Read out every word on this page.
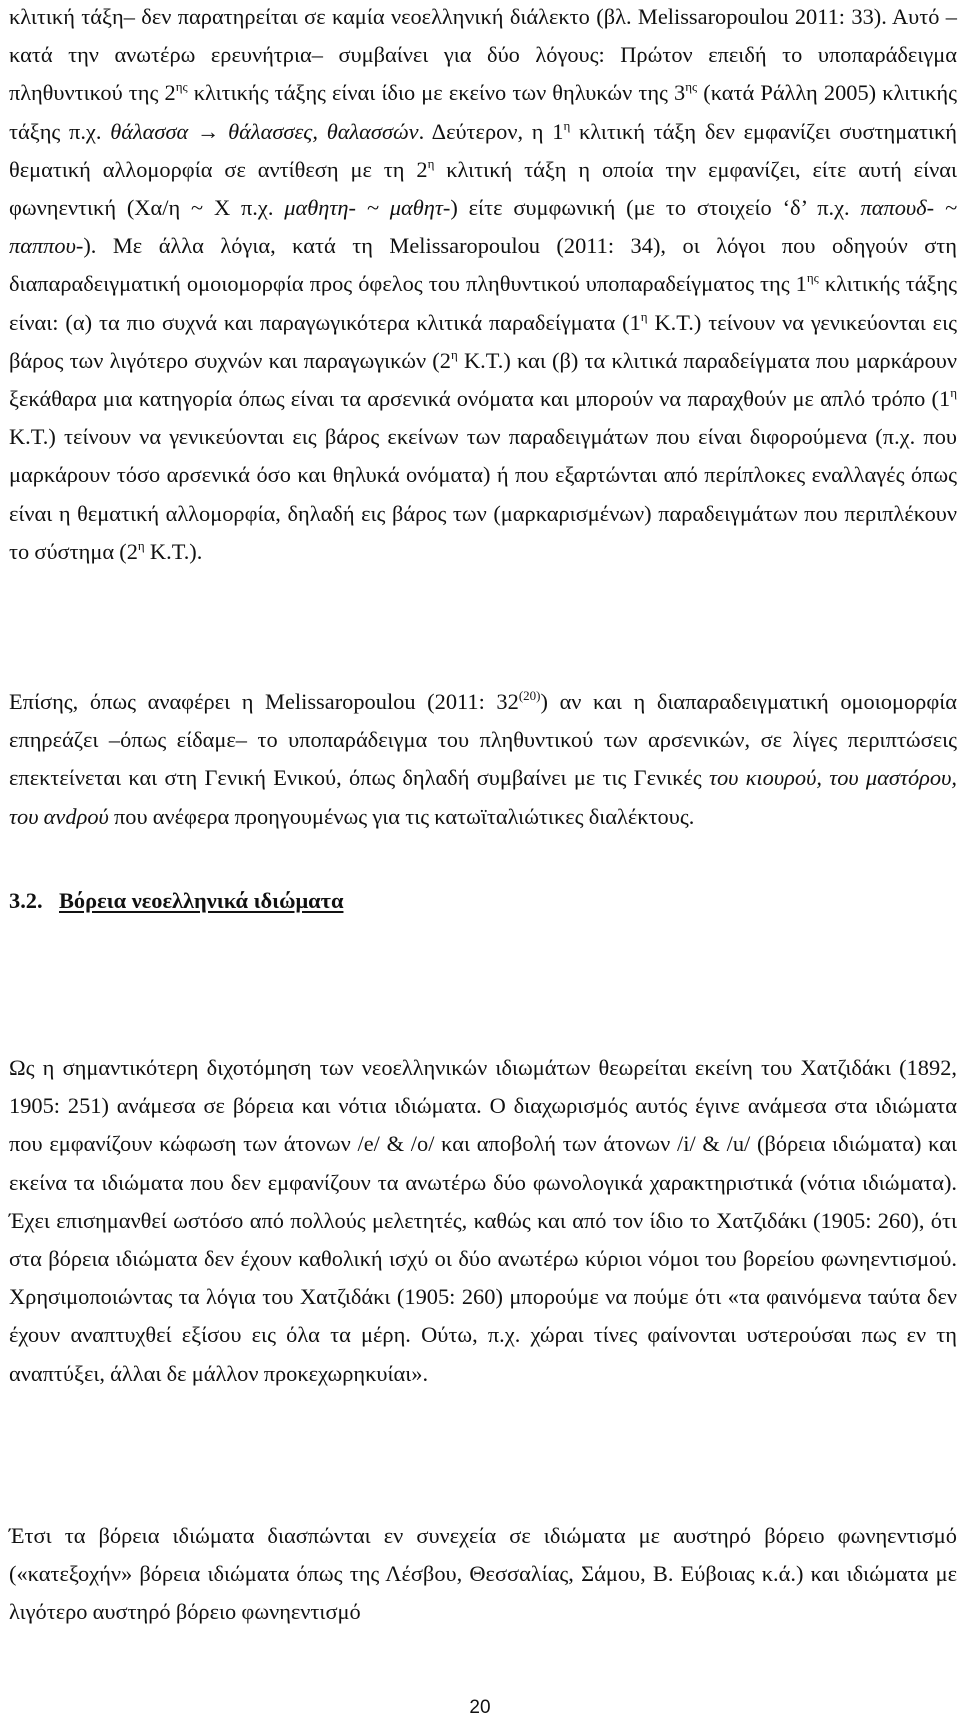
κλιτική τάξη– δεν παρατηρείται σε καμία νεοελληνική διάλεκτο (βλ. Melissaropoulou 2011: 33). Αυτό –κατά την ανωτέρω ερευνήτρια– συμβαίνει για δύο λόγους: Πρώτον επειδή το υποπαράδειγμα πληθυντικού της $2^{\eta\varsigma}$ κλιτικής τάξης είναι ίδιο με εκείνο των θηλυκών της $3^{\eta\varsigma}$ (κατά Ράλλη 2005) κλιτικής τάξης π.χ. θάλασσα → θάλασσες, θαλασσών. Δεύτερον, η $1^\eta$ κλιτική τάξη δεν εμφανίζει συστηματική θεματική αλλομορφία σε αντίθεση με τη $2^\eta$ κλιτική τάξη η οποία την εμφανίζει, είτε αυτή είναι φωνηεντική (Χα/η ~ Χ π.χ. μαθητη- ~ μαθητ-) είτε συμφωνική (με το στοιχείο ‘δ’ π.χ. παπουδ- ~ παππου-). Με άλλα λόγια, κατά τη Melissaropoulou (2011: 34), οι λόγοι που οδηγούν στη διαπαραδειγματική ομοιομορφία προς όφελος του πληθυντικού υποπαραδείγματος της $1^{\eta\varsigma}$ κλιτικής τάξης είναι: (α) τα πιο συχνά και παραγωγικότερα κλιτικά παραδείγματα ($1^\eta$ Κ.Τ.) τείνουν να γενικεύονται εις βάρος των λιγότερο συχνών και παραγωγικών ($2^\eta$ Κ.Τ.) και (β) τα κλιτικά παραδείγματα που μαρκάρουν ξεκάθαρα μια κατηγορία όπως είναι τα αρσενικά ονόματα και μπορούν να παραχθούν με απλό τρόπο ($1^\eta$ Κ.Τ.) τείνουν να γενικεύονται εις βάρος εκείνων των παραδειγμάτων που είναι διφορούμενα (π.χ. που μαρκάρουν τόσο αρσενικά όσο και θηλυκά ονόματα) ή που εξαρτώνται από περίπλοκες εναλλαγές όπως είναι η θεματική αλλομορφία, δηλαδή εις βάρος των (μαρκαρισμένων) παραδειγμάτων που περιπλέκουν το σύστημα ($2^\eta$ Κ.Τ.).

Επίσης, όπως αναφέρει η Melissaropoulou (2011: 32$^{(20)}$) αν και η διαπαραδειγματική ομοιομορφία επηρεάζει –όπως είδαμε– το υποπαράδειγμα του πληθυντικού των αρσενικών, σε λίγες περιπτώσεις επεκτείνεται και στη Γενική Ενικού, όπως δηλαδή συμβαίνει με τις Γενικές του κιουρού, του μαστόρου, του ανdρού που ανέφερα προηγουμένως για τις κατωϊταλιώτικες διαλέκτους.

3.2. Βόρεια νεοελληνικά ιδιώματα

Ως η σημαντικότερη διχοτόμηση των νεοελληνικών ιδιωμάτων θεωρείται εκείνη του Χατζιδάκι (1892, 1905: 251) ανάμεσα σε βόρεια και νότια ιδιώματα. Ο διαχωρισμός αυτός έγινε ανάμεσα στα ιδιώματα που εμφανίζουν κώφωση των άτονων /e/ & /o/ και αποβολή των άτονων /i/ & /u/ (βόρεια ιδιώματα) και εκείνα τα ιδιώματα που δεν εμφανίζουν τα ανωτέρω δύο φωνολογικά χαρακτηριστικά (νότια ιδιώματα). Έχει επισημανθεί ωστόσο από πολλούς μελετητές, καθώς και από τον ίδιο το Χατζιδάκι (1905: 260), ότι στα βόρεια ιδιώματα δεν έχουν καθολική ισχύ οι δύο ανωτέρω κύριοι νόμοι του βορείου φωνηεντισμού. Χρησιμοποιώντας τα λόγια του Χατζιδάκι (1905: 260) μπορούμε να πούμε ότι «τα φαινόμενα ταύτα δεν έχουν αναπτυχθεί εξίσου εις όλα τα μέρη. Ούτω, π.χ. χώραι τίνες φαίνονται υστερούσαι πως εν τη αναπτύξει, άλλαι δε μάλλον προκεχωρηκυίαι».

Έτσι τα βόρεια ιδιώματα διασπώνται εν συνεχεία σε ιδιώματα με αυστηρό βόρειο φωνηεντισμό («κατεξοχήν» βόρεια ιδιώματα όπως της Λέσβου, Θεσσαλίας, Σάμου, Β. Εύβοιας κ.ά.) και ιδιώματα με λιγότερο αυστηρό βόρειο φωνηεντισμό

20
